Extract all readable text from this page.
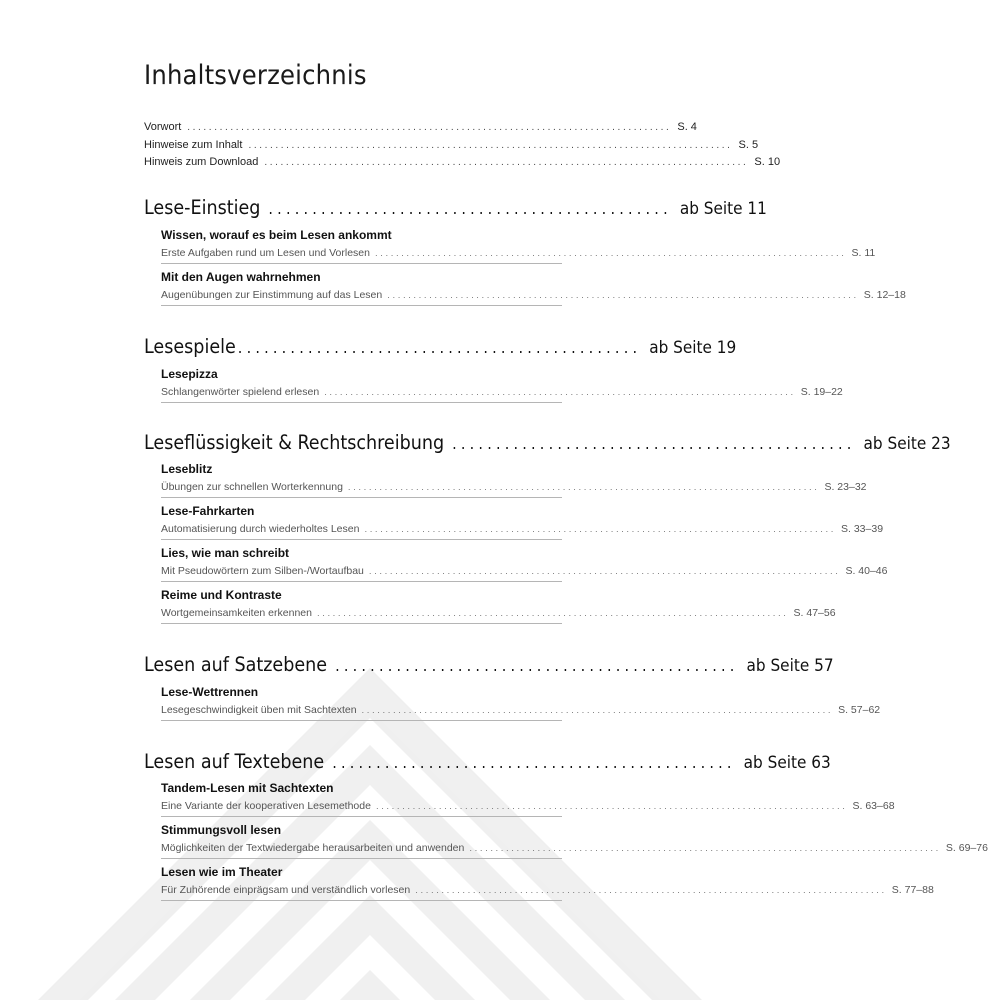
Inhaltsverzeichnis
Vorwort .......................................................................................... S. 4
Hinweise zum Inhalt .......................................................................................... S. 5
Hinweis zum Download .......................................................................................... S. 10
Lese-Einstieg .............................................. ab Seite 11
Wissen, worauf es beim Lesen ankommt
Erste Aufgaben rund um Lesen und Vorlesen .......................................................................................... S. 11
Mit den Augen wahrnehmen
Augenübungen zur Einstimmung auf das Lesen .......................................................................................... S. 12–18
Lesespiele .............................................. ab Seite 19
Lesepizza
Schlangenwörter spielend erlesen .......................................................................................... S. 19–22
Leseflüssigkeit & Rechtschreibung .............................................. ab Seite 23
Leseblitz
Übungen zur schnellen Worterkennung .......................................................................................... S. 23–32
Lese-Fahrkarten
Automatisierung durch wiederholtes Lesen .......................................................................................... S. 33–39
Lies, wie man schreibt
Mit Pseudowörtern zum Silben-/Wortaufbau .......................................................................................... S. 40–46
Reime und Kontraste
Wortgemeinsamkeiten erkennen .......................................................................................... S. 47–56
Lesen auf Satzebene .............................................. ab Seite 57
Lese-Wettrennen
Lesegeschwindigkeit üben mit Sachtexten .......................................................................................... S. 57–62
Lesen auf Textebene .............................................. ab Seite 63
Tandem-Lesen mit Sachtexten
Eine Variante der kooperativen Lesemethode .......................................................................................... S. 63–68
Stimmungsvoll lesen
Möglichkeiten der Textwiedergabe herausarbeiten und anwenden .......................................................................................... S. 69–76
Lesen wie im Theater
Für Zuhörende einprägsam und verständlich vorlesen .......................................................................................... S. 77–88
